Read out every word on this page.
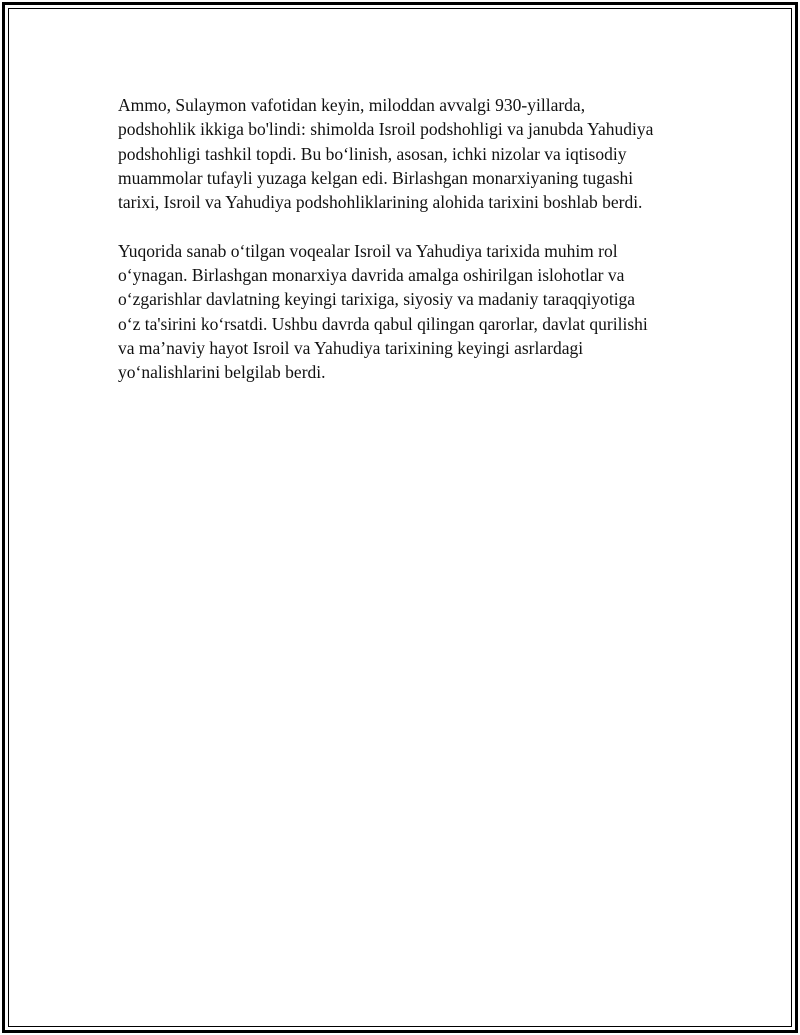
Ammo, Sulaymon vafotidan keyin, miloddan avvalgi 930-yillarda,
podshohlik ikkiga bo'lindi: shimolda Isroil podshohligi va janubda Yahudiya
podshohligi tashkil topdi. Bu bo‘linish, asosan, ichki nizolar va iqtisodiy
muammolar tufayli yuzaga kelgan edi. Birlashgan monarxiyaning tugashi
tarixi, Isroil va Yahudiya podshohliklarining alohida tarixini boshlab berdi.

Yuqorida sanab o‘tilgan voqealar Isroil va Yahudiya tarixida muhim rol
o‘ynagan. Birlashgan monarxiya davrida amalga oshirilgan islohotlar va
o‘zgarishlar davlatning keyingi tarixiga, siyosiy va madaniy taraqqiyotiga
o‘z ta'sirini ko‘rsatdi. Ushbu davrda qabul qilingan qarorlar, davlat qurilishi
va ma’naviy hayot Isroil va Yahudiya tarixining keyingi asrlardagi
yo‘nalishlarini belgilab berdi.
